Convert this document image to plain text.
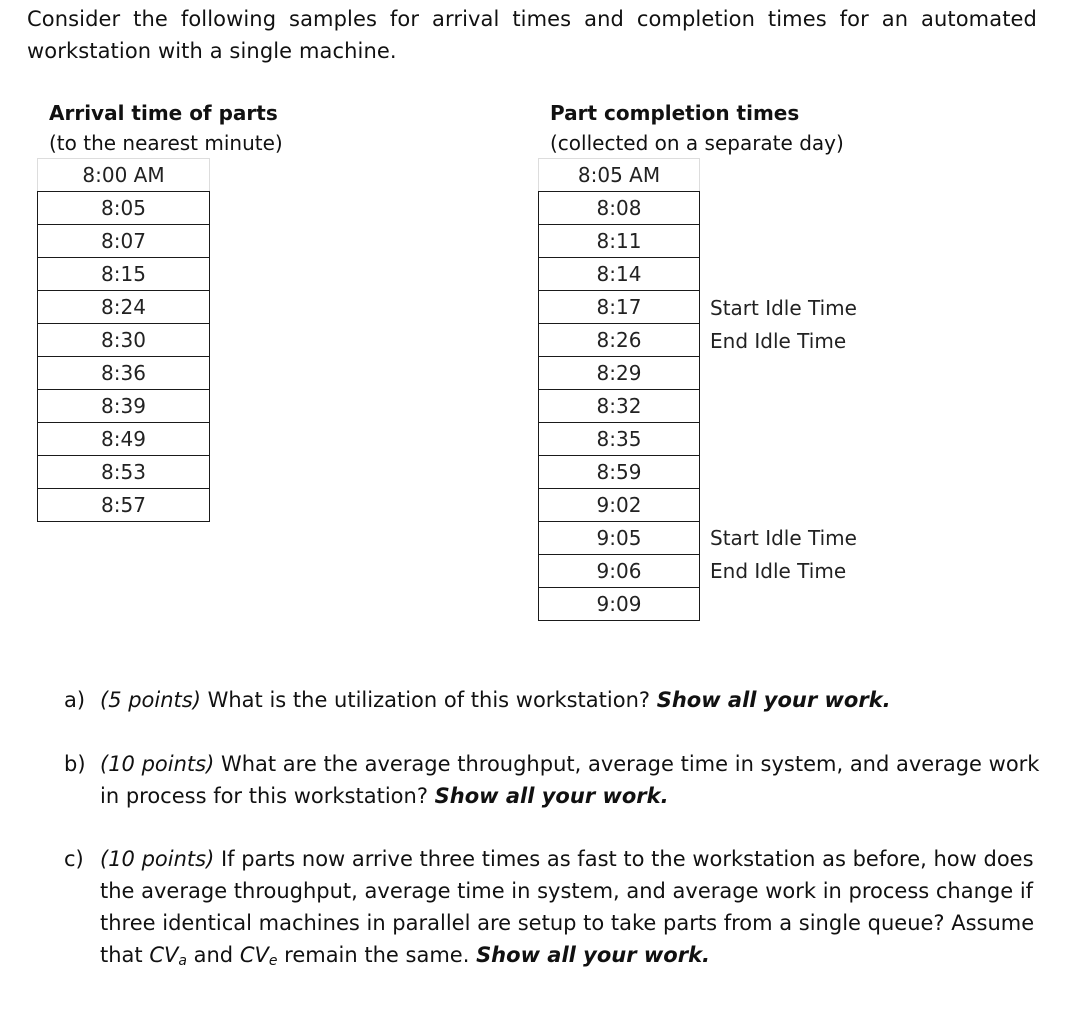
Consider the following samples for arrival times and completion times for an automated workstation with a single machine.
Arrival time of parts
(to the nearest minute)
8:00 AM
8:05
8:07
8:15
8:24
8:30
8:36
8:39
8:49
8:53
8:57
Part completion times
(collected on a separate day)
8:05 AM
8:08
8:11
8:14
8:17
8:26
8:29
8:32
8:35
8:59
9:02
9:05
9:06
9:09
Start Idle Time
End Idle Time
Start Idle Time
End Idle Time
a) (5 points) What is the utilization of this workstation? Show all your work.
b) (10 points) What are the average throughput, average time in system, and average work in process for this workstation? Show all your work.
c) (10 points) If parts now arrive three times as fast to the workstation as before, how does the average throughput, average time in system, and average work in process change if three identical machines in parallel are setup to take parts from a single queue? Assume that $CV_a$ and $CV_e$ remain the same. Show all your work.
